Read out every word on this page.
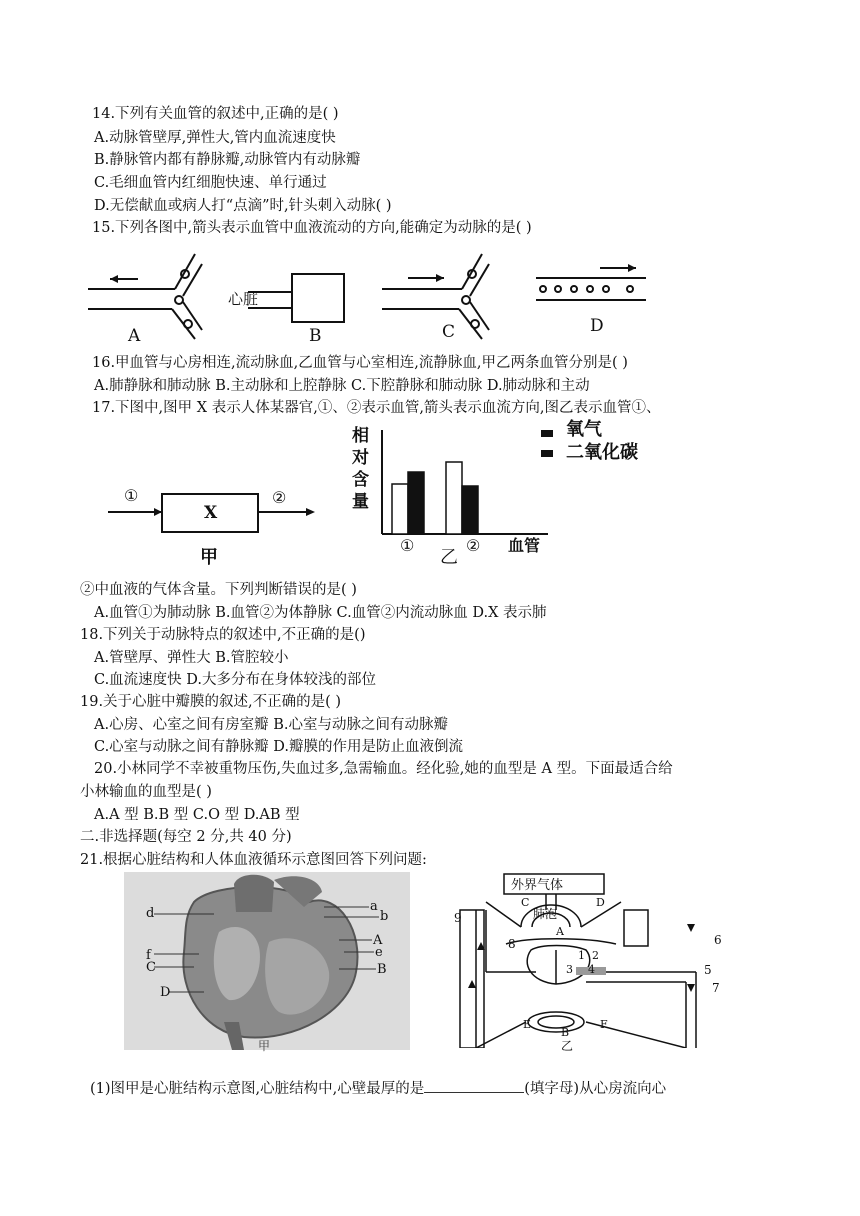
14.下列有关血管的叙述中,正确的是( )
A.动脉管壁厚,弹性大,管内血流速度快
B.静脉管内都有静脉瓣,动脉管内有动脉瓣
C.毛细血管内红细胞快速、单行通过
D.无偿献血或病人打“点滴”时,针头刺入动脉( )
15.下列各图中,箭头表示血管中血液流动的方向,能确定为动脉的是( )
心脏
A	B	C	D
16.甲血管与心房相连,流动脉血,乙血管与心室相连,流静脉血,甲乙两条血管分别是( )
A.肺静脉和肺动脉 B.主动脉和上腔静脉 C.下腔静脉和肺动脉 D.肺动脉和主动
17.下图中,图甲 X 表示人体某器官,①、②表示血管,箭头表示血流方向,图乙表示血管①、
①	②
X
甲
相
对
含
量
氧气
二氧化碳
①	② 血管
乙
②中血液的气体含量。下列判断错误的是( )
A.血管①为肺动脉 B.血管②为体静脉 C.血管②内流动脉血 D.X 表示肺
18.下列关于动脉特点的叙述中,不正确的是()
A.管壁厚、弹性大 B.管腔较小
C.血流速度快 D.大多分布在身体较浅的部位
19.关于心脏中瓣膜的叙述,不正确的是( )
A.心房、心室之间有房室瓣 B.心室与动脉之间有动脉瓣
C.心室与动脉之间有静脉瓣 D.瓣膜的作用是防止血液倒流
20.小林同学不幸被重物压伤,失血过多,急需输血。经化验,她的血型是 A 型。下面最适合给
小林输血的血型是( )
A.A 型 B.B 型 C.O 型 D.AB 型
二.非选择题(每空 2 分,共 40 分)
21.根据心脏结构和人体血液循环示意图回答下列问题:
d
f
C
D
a
b
A
e
B
甲
外界气体
肺泡
C	D
A
9
8
1 2
3 4
6
5
7
E
B
F
乙
(1)图甲是心脏结构示意图,心脏结构中,心壁最厚的是	(填字母)从心房流向心
